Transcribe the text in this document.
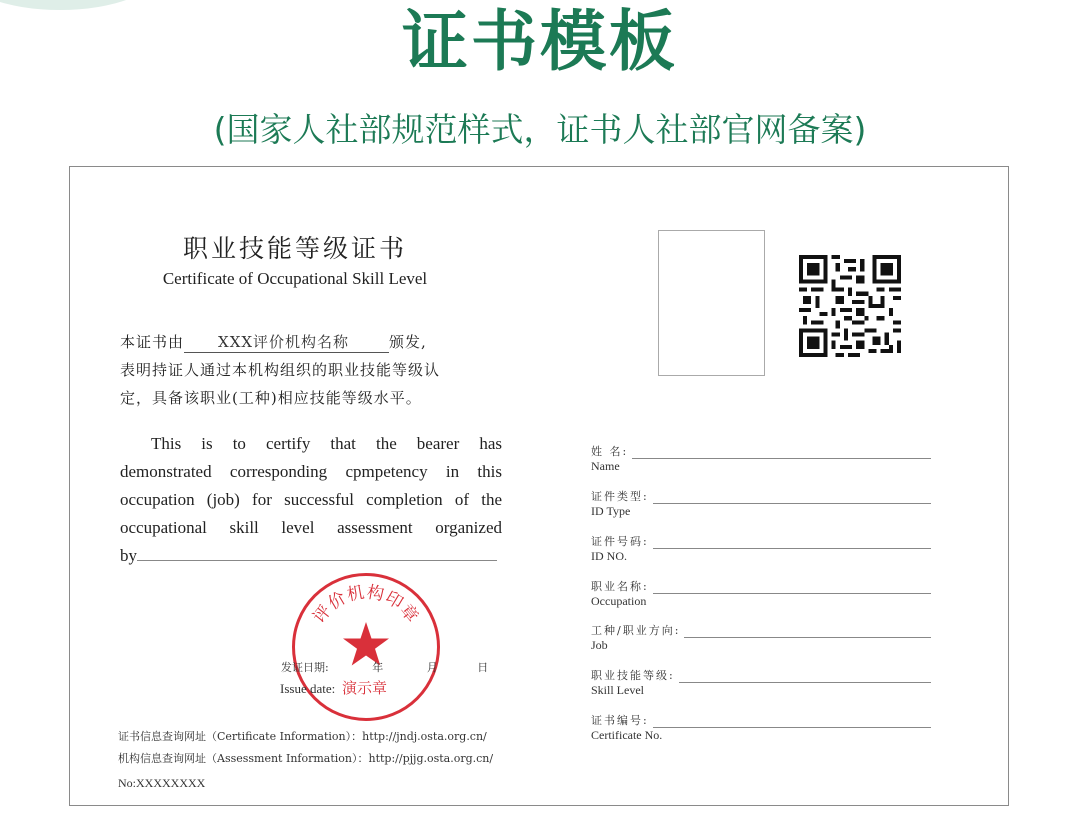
证书模板
(国家人社部规范样式，证书人社部官网备案)
职业技能等级证书
Certificate of Occupational Skill Level
本证书由 XXX评价机构名称	颁发,
表明持证人通过本机构组织的职业技能等级认
定，具备该职业(工种)相应技能等级水平。
This is to certify that the bearer has
demonstrated corresponding cpmpetency in this
occupation (job) for successful completion of the
occupational skill level assessment organized
by
评价机构印章
发证日期:	年	月	日
Issue date: 演示章
证书信息查询网址（Certificate Information）：http://jndj.osta.org.cn/
机构信息查询网址（Assessment Information）：http://pjjg.osta.org.cn/
No:XXXXXXXX
姓 名:
Name
证件类型:
ID Type
证件号码:
ID NO.
职业名称:
Occupation
工种/职业方向:
Job
职业技能等级:
Skill Level
证书编号:
Certificate No.
